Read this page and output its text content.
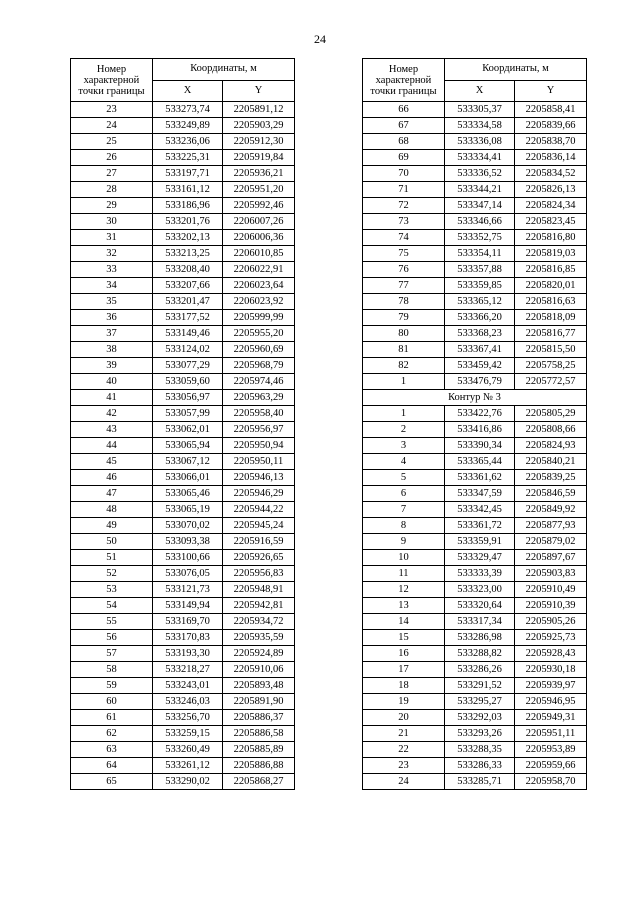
24
Номер характерной точки границы	Координаты, м	
	X	Y
23	533273,74	2205891,12
24	533249,89	2205903,29
25	533236,06	2205912,30
26	533225,31	2205919,84
27	533197,71	2205936,21
28	533161,12	2205951,20
29	533186,96	2205992,46
30	533201,76	2206007,26
31	533202,13	2206006,36
32	533213,25	2206010,85
33	533208,40	2206022,91
34	533207,66	2206023,64
35	533201,47	2206023,92
36	533177,52	2205999,99
37	533149,46	2205955,20
38	533124,02	2205960,69
39	533077,29	2205968,79
40	533059,60	2205974,46
41	533056,97	2205963,29
42	533057,99	2205958,40
43	533062,01	2205956,97
44	533065,94	2205950,94
45	533067,12	2205950,11
46	533066,01	2205946,13
47	533065,46	2205946,29
48	533065,19	2205944,22
49	533070,02	2205945,24
50	533093,38	2205916,59
51	533100,66	2205926,65
52	533076,05	2205956,83
53	533121,73	2205948,91
54	533149,94	2205942,81
55	533169,70	2205934,72
56	533170,83	2205935,59
57	533193,30	2205924,89
58	533218,27	2205910,06
59	533243,01	2205893,48
60	533246,03	2205891,90
61	533256,70	2205886,37
62	533259,15	2205886,58
63	533260,49	2205885,89
64	533261,12	2205886,88
65	533290,02	2205868,27
Номер характерной точки границы	Координаты, м	
	X	Y
66	533305,37	2205858,41
67	533334,58	2205839,66
68	533336,08	2205838,70
69	533334,41	2205836,14
70	533336,52	2205834,52
71	533344,21	2205826,13
72	533347,14	2205824,34
73	533346,66	2205823,45
74	533352,75	2205816,80
75	533354,11	2205819,03
76	533357,88	2205816,85
77	533359,85	2205820,01
78	533365,12	2205816,63
79	533366,20	2205818,09
80	533368,23	2205816,77
81	533367,41	2205815,50
82	533459,42	2205758,25
1	533476,79	2205772,57
Контур № 3		
1	533422,76	2205805,29
2	533416,86	2205808,66
3	533390,34	2205824,93
4	533365,44	2205840,21
5	533361,62	2205839,25
6	533347,59	2205846,59
7	533342,45	2205849,92
8	533361,72	2205877,93
9	533359,91	2205879,02
10	533329,47	2205897,67
11	533333,39	2205903,83
12	533323,00	2205910,49
13	533320,64	2205910,39
14	533317,34	2205905,26
15	533286,98	2205925,73
16	533288,82	2205928,43
17	533286,26	2205930,18
18	533291,52	2205939,97
19	533295,27	2205946,95
20	533292,03	2205949,31
21	533293,26	2205951,11
22	533288,35	2205953,89
23	533286,33	2205959,66
24	533285,71	2205958,70
